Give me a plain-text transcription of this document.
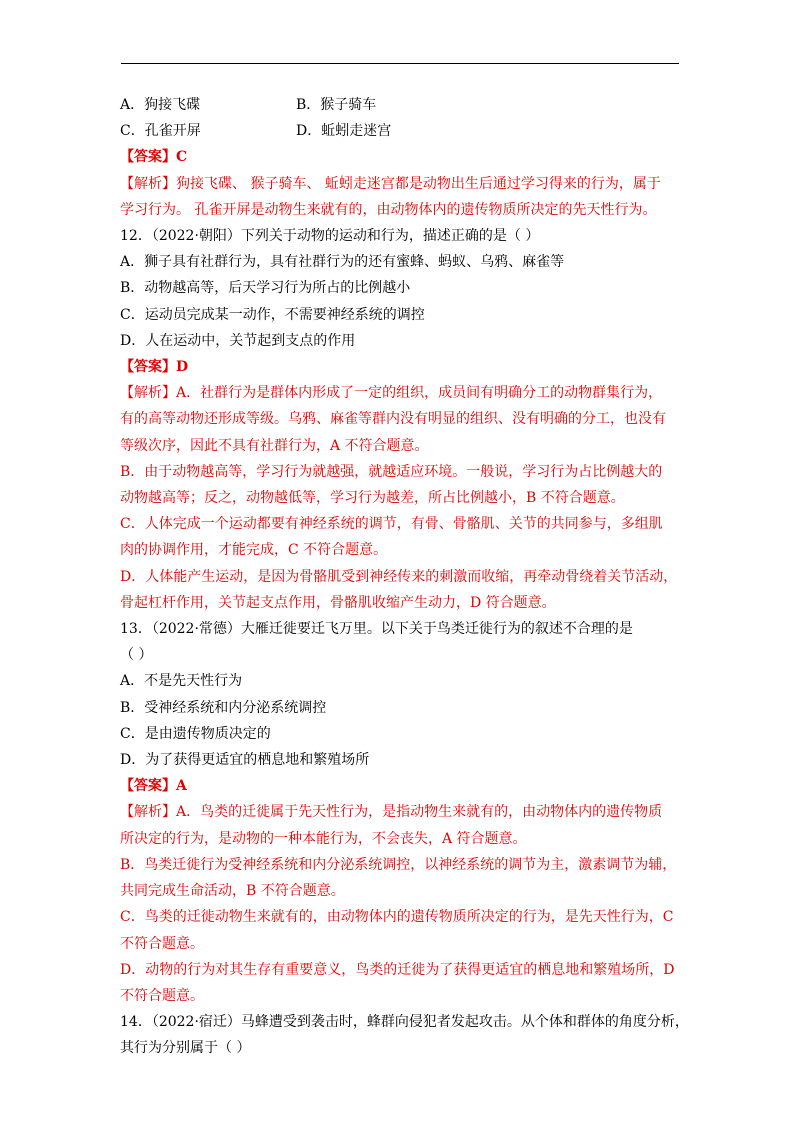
A．狗接飞碟	B．猴子骑车
C．孔雀开屏	D．蚯蚓走迷宫
【答案】C
【解析】狗接飞碟、 猴子骑车、 蚯蚓走迷宫都是动物出生后通过学习得来的行为，属于
学习行为。 孔雀开屏是动物生来就有的，由动物体内的遗传物质所决定的先天性行为。
12．（2022·朝阳）下列关于动物的运动和行为，描述正确的是（ ）
A．狮子具有社群行为，具有社群行为的还有蜜蜂、蚂蚁、乌鸦、麻雀等
B．动物越高等，后天学习行为所占的比例越小
C．运动员完成某一动作，不需要神经系统的调控
D．人在运动中，关节起到支点的作用
【答案】D
【解析】A．社群行为是群体内形成了一定的组织，成员间有明确分工的动物群集行为，
有的高等动物还形成等级。乌鸦、麻雀等群内没有明显的组织、没有明确的分工，也没有
等级次序，因此不具有社群行为，A 不符合题意。
B．由于动物越高等，学习行为就越强，就越适应环境。一般说，学习行为占比例越大的
动物越高等；反之，动物越低等，学习行为越差，所占比例越小，B 不符合题意。
C．人体完成一个运动都要有神经系统的调节，有骨、骨骼肌、关节的共同参与，多组肌
肉的协调作用，才能完成，C 不符合题意。
D．人体能产生运动，是因为骨骼肌受到神经传来的刺激而收缩，再牵动骨绕着关节活动，
骨起杠杆作用，关节起支点作用，骨骼肌收缩产生动力，D 符合题意。
13．（2022·常德）大雁迁徙要迁飞万里。以下关于鸟类迁徙行为的叙述不合理的是
（ ）
A．不是先天性行为
B．受神经系统和内分泌系统调控
C．是由遗传物质决定的
D．为了获得更适宜的栖息地和繁殖场所
【答案】A
【解析】A．鸟类的迁徙属于先天性行为，是指动物生来就有的，由动物体内的遗传物质
所决定的行为，是动物的一种本能行为，不会丧失，A 符合题意。
B．鸟类迁徙行为受神经系统和内分泌系统调控，以神经系统的调节为主，激素调节为辅，
共同完成生命活动，B 不符合题意。
C．鸟类的迁徙动物生来就有的，由动物体内的遗传物质所决定的行为，是先天性行为，C
不符合题意。
D．动物的行为对其生存有重要意义，鸟类的迁徙为了获得更适宜的栖息地和繁殖场所，D
不符合题意。
14．（2022·宿迁）马蜂遭受到袭击时，蜂群向侵犯者发起攻击。从个体和群体的角度分析，
其行为分别属于（ ）
